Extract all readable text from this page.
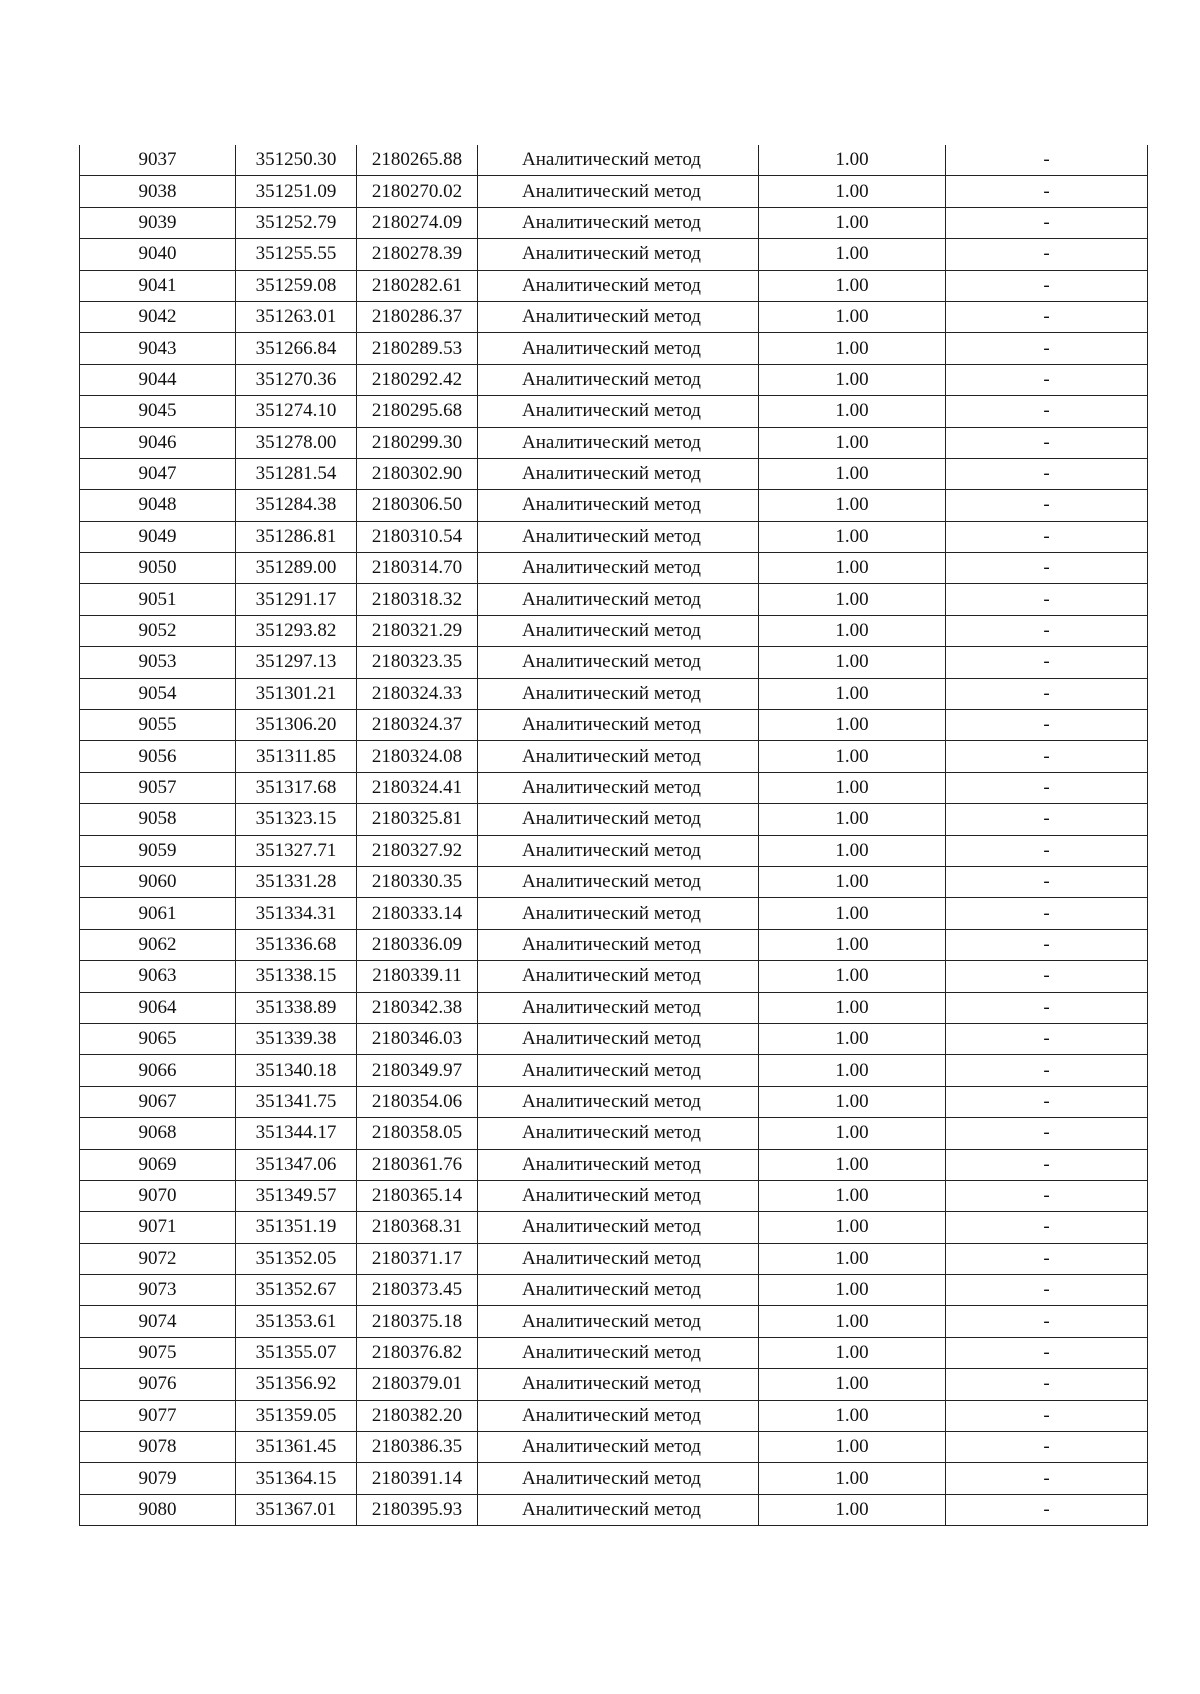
9037	351250.30	2180265.88	Аналитический метод	1.00	-
9038	351251.09	2180270.02	Аналитический метод	1.00	-
9039	351252.79	2180274.09	Аналитический метод	1.00	-
9040	351255.55	2180278.39	Аналитический метод	1.00	-
9041	351259.08	2180282.61	Аналитический метод	1.00	-
9042	351263.01	2180286.37	Аналитический метод	1.00	-
9043	351266.84	2180289.53	Аналитический метод	1.00	-
9044	351270.36	2180292.42	Аналитический метод	1.00	-
9045	351274.10	2180295.68	Аналитический метод	1.00	-
9046	351278.00	2180299.30	Аналитический метод	1.00	-
9047	351281.54	2180302.90	Аналитический метод	1.00	-
9048	351284.38	2180306.50	Аналитический метод	1.00	-
9049	351286.81	2180310.54	Аналитический метод	1.00	-
9050	351289.00	2180314.70	Аналитический метод	1.00	-
9051	351291.17	2180318.32	Аналитический метод	1.00	-
9052	351293.82	2180321.29	Аналитический метод	1.00	-
9053	351297.13	2180323.35	Аналитический метод	1.00	-
9054	351301.21	2180324.33	Аналитический метод	1.00	-
9055	351306.20	2180324.37	Аналитический метод	1.00	-
9056	351311.85	2180324.08	Аналитический метод	1.00	-
9057	351317.68	2180324.41	Аналитический метод	1.00	-
9058	351323.15	2180325.81	Аналитический метод	1.00	-
9059	351327.71	2180327.92	Аналитический метод	1.00	-
9060	351331.28	2180330.35	Аналитический метод	1.00	-
9061	351334.31	2180333.14	Аналитический метод	1.00	-
9062	351336.68	2180336.09	Аналитический метод	1.00	-
9063	351338.15	2180339.11	Аналитический метод	1.00	-
9064	351338.89	2180342.38	Аналитический метод	1.00	-
9065	351339.38	2180346.03	Аналитический метод	1.00	-
9066	351340.18	2180349.97	Аналитический метод	1.00	-
9067	351341.75	2180354.06	Аналитический метод	1.00	-
9068	351344.17	2180358.05	Аналитический метод	1.00	-
9069	351347.06	2180361.76	Аналитический метод	1.00	-
9070	351349.57	2180365.14	Аналитический метод	1.00	-
9071	351351.19	2180368.31	Аналитический метод	1.00	-
9072	351352.05	2180371.17	Аналитический метод	1.00	-
9073	351352.67	2180373.45	Аналитический метод	1.00	-
9074	351353.61	2180375.18	Аналитический метод	1.00	-
9075	351355.07	2180376.82	Аналитический метод	1.00	-
9076	351356.92	2180379.01	Аналитический метод	1.00	-
9077	351359.05	2180382.20	Аналитический метод	1.00	-
9078	351361.45	2180386.35	Аналитический метод	1.00	-
9079	351364.15	2180391.14	Аналитический метод	1.00	-
9080	351367.01	2180395.93	Аналитический метод	1.00	-
